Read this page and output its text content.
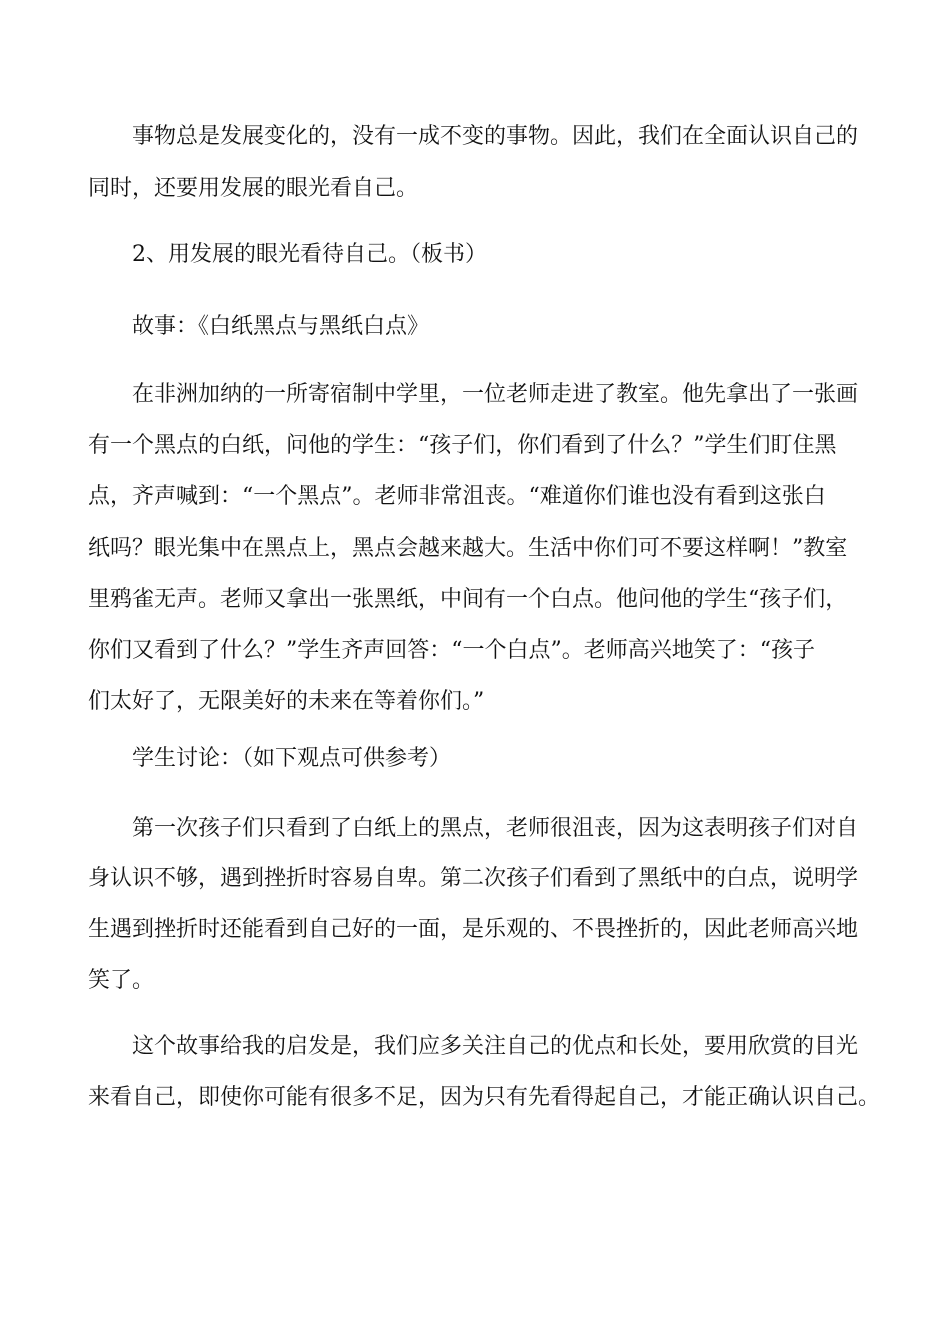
事物总是发展变化的，没有一成不变的事物。因此，我们在全面认识自己的

同时，还要用发展的眼光看自己。

2、用发展的眼光看待自己。（板书）

故事：《白纸黑点与黑纸白点》

在非洲加纳的一所寄宿制中学里，一位老师走进了教室。他先拿出了一张画

有一个黑点的白纸，问他的学生：“孩子们，你们看到了什么？”学生们盯住黑

点，齐声喊到：“一个黑点”。老师非常沮丧。“难道你们谁也没有看到这张白

纸吗？眼光集中在黑点上，黑点会越来越大。生活中你们可不要这样啊！”教室

里鸦雀无声。老师又拿出一张黑纸，中间有一个白点。他问他的学生“孩子们，

你们又看到了什么？”学生齐声回答：“一个白点”。老师高兴地笑了：“孩子

们太好了，无限美好的未来在等着你们。”

学生讨论：（如下观点可供参考）

第一次孩子们只看到了白纸上的黑点，老师很沮丧，因为这表明孩子们对自

身认识不够，遇到挫折时容易自卑。第二次孩子们看到了黑纸中的白点，说明学

生遇到挫折时还能看到自己好的一面，是乐观的、不畏挫折的，因此老师高兴地

笑了。

这个故事给我的启发是，我们应多关注自己的优点和长处，要用欣赏的目光

来看自己，即使你可能有很多不足，因为只有先看得起自己，才能正确认识自己。
